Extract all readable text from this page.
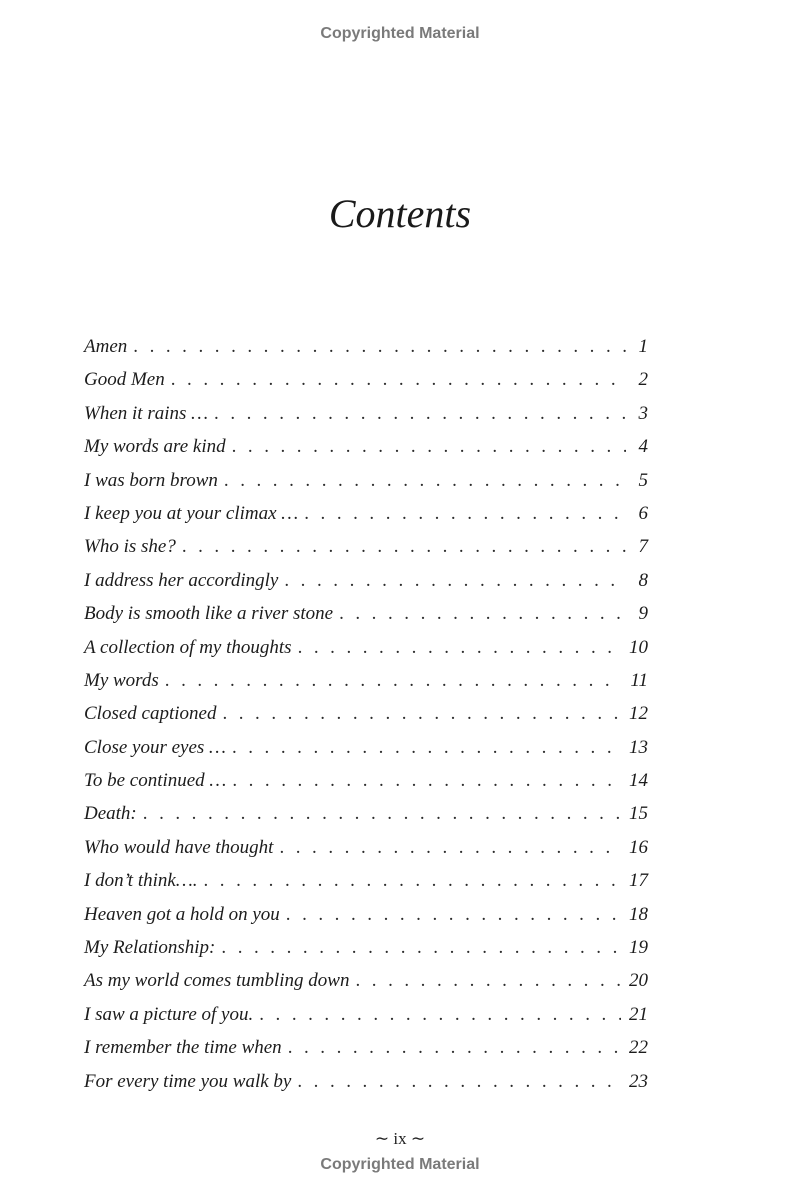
Copyrighted Material
Contents
Amen . . .	1
Good Men . . .	2
When it rains … . . .	3
My words are kind . . .	4
I was born brown . . .	5
I keep you at your climax … . . .	6
Who is she? . . .	7
I address her accordingly . . .	8
Body is smooth like a river stone . . .	9
A collection of my thoughts . . .	10
My words . . .	11
Closed captioned . . .	12
Close your eyes … . . .	13
To be continued … . . .	14
Death: . . .	15
Who would have thought . . .	16
I don’t think…. . . .	17
Heaven got a hold on you . . .	18
My Relationship: . . .	19
As my world comes tumbling down . . .	20
I saw a picture of you. . . .	21
I remember the time when . . .	22
For every time you walk by . . .	23
∼ ix ∼
Copyrighted Material
